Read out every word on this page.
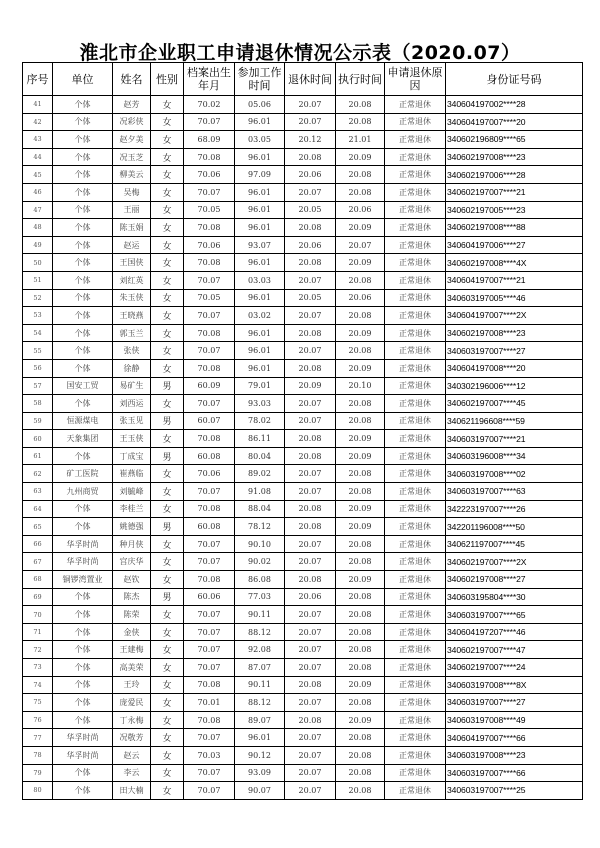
淮北市企业职工申请退休情况公示表（2020.07）
序号	单位	姓名	性别	档案出生年月	参加工作时间	退休时间	执行时间	申请退休原因	身份证号码
41	个体	赵芳	女	70.02	05.06	20.07	20.08	正常退休	340604197002****28
42	个体	况彩侠	女	70.07	96.01	20.07	20.08	正常退休	340604197007****20
43	个体	赵夕美	女	68.09	03.05	20.12	21.01	正常退休	340602196809****65
44	个体	况玉芝	女	70.08	96.01	20.08	20.09	正常退休	340602197008****23
45	个体	柳美云	女	70.06	97.09	20.06	20.08	正常退休	340602197006****28
46	个体	吴梅	女	70.07	96.01	20.07	20.08	正常退休	340602197007****21
47	个体	王丽	女	70.05	96.01	20.05	20.06	正常退休	340602197005****23
48	个体	陈玉娟	女	70.08	96.01	20.08	20.09	正常退休	340602197008****88
49	个体	赵运	女	70.06	93.07	20.06	20.07	正常退休	340604197006****27
50	个体	王国侠	女	70.08	96.01	20.08	20.09	正常退休	340602197008****4X
51	个体	刘红英	女	70.07	03.03	20.07	20.08	正常退休	340604197007****21
52	个体	朱玉侠	女	70.05	96.01	20.05	20.06	正常退休	340603197005****46
53	个体	王晓燕	女	70.07	03.02	20.07	20.08	正常退休	340604197007****2X
54	个体	郭玉兰	女	70.08	96.01	20.08	20.09	正常退休	340602197008****23
55	个体	张侠	女	70.07	96.01	20.07	20.08	正常退休	340603197007****27
56	个体	徐静	女	70.08	96.01	20.08	20.09	正常退休	340604197008****20
57	国安工贸	易矿生	男	60.09	79.01	20.09	20.10	正常退休	340302196006****12
58	个体	刘西运	女	70.07	93.03	20.07	20.08	正常退休	340602197007****45
59	恒源煤电	张玉见	男	60.07	78.02	20.07	20.08	正常退休	340621196608****59
60	天象集团	王玉侠	女	70.08	86.11	20.08	20.09	正常退休	340603197007****21
61	个体	丁成宝	男	60.08	80.04	20.08	20.09	正常退休	340603196008****34
62	矿工医院	崔燕临	女	70.06	89.02	20.07	20.08	正常退休	340603197008****02
63	九州商贸	刘毓峰	女	70.07	91.08	20.07	20.08	正常退休	340603197007****63
64	个体	李桂兰	女	70.08	88.04	20.08	20.09	正常退休	342223197007****26
65	个体	姚德强	男	60.08	78.12	20.08	20.09	正常退休	342201196008****50
66	华孚时尚	种月侠	女	70.07	90.10	20.07	20.08	正常退休	340621197007****45
67	华孚时尚	宫庆华	女	70.07	90.02	20.07	20.08	正常退休	340602197007****2X
68	铜锣湾置业	赵钦	女	70.08	86.08	20.08	20.09	正常退休	340602197008****27
69	个体	陈杰	男	60.06	77.03	20.06	20.08	正常退休	340603195804****30
70	个体	陈荣	女	70.07	90.11	20.07	20.08	正常退休	340603197007****65
71	个体	金侠	女	70.07	88.12	20.07	20.08	正常退休	340604197207****46
72	个体	王建梅	女	70.07	92.08	20.07	20.08	正常退休	340602197007****47
73	个体	高美荣	女	70.07	87.07	20.07	20.08	正常退休	340602197007****24
74	个体	王玲	女	70.08	90.11	20.08	20.09	正常退休	340603197008****8X
75	个体	庞爱民	女	70.01	88.12	20.07	20.08	正常退休	340603197007****27
76	个体	丁永梅	女	70.08	89.07	20.08	20.09	正常退休	340603197008****49
77	华孚时尚	况敬芳	女	70.07	96.01	20.07	20.08	正常退休	340604197007****66
78	华孚时尚	赵云	女	70.03	90.12	20.07	20.08	正常退休	340603197008****23
79	个体	李云	女	70.07	93.09	20.07	20.08	正常退休	340603197007****66
80	个体	田大楠	女	70.07	90.07	20.07	20.08	正常退休	340603197007****25
